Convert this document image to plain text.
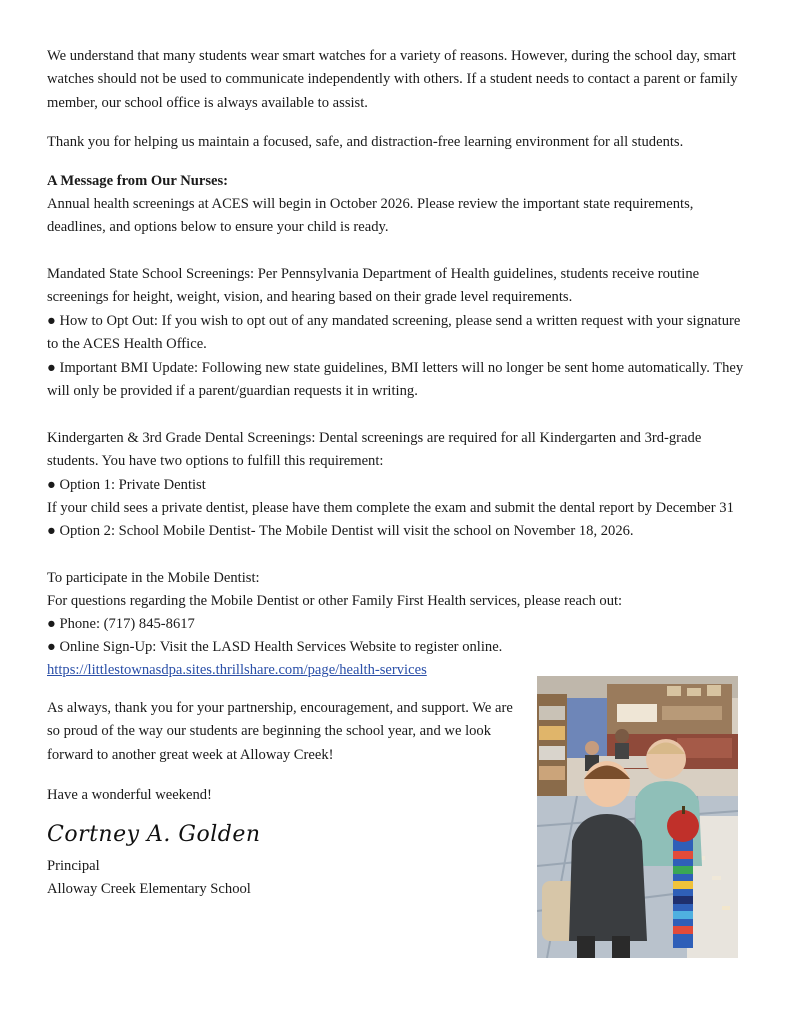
We understand that many students wear smart watches for a variety of reasons. However, during the school day, smart watches should not be used to communicate independently with others. If a student needs to contact a parent or family member, our school office is always available to assist.
Thank you for helping us maintain a focused, safe, and distraction-free learning environment for all students.
A Message from Our Nurses:
Annual health screenings at ACES will begin in October 2026. Please review the important state requirements, deadlines, and options below to ensure your child is ready.
Mandated State School Screenings: Per Pennsylvania Department of Health guidelines, students receive routine screenings for height, weight, vision, and hearing based on their grade level requirements.
● How to Opt Out: If you wish to opt out of any mandated screening, please send a written request with your signature to the ACES Health Office.
● Important BMI Update: Following new state guidelines, BMI letters will no longer be sent home automatically. They will only be provided if a parent/guardian requests it in writing.
Kindergarten & 3rd Grade Dental Screenings: Dental screenings are required for all Kindergarten and 3rd-grade students. You have two options to fulfill this requirement:
● Option 1: Private Dentist
If your child sees a private dentist, please have them complete the exam and submit the dental report by December 31
● Option 2: School Mobile Dentist- The Mobile Dentist will visit the school on November 18, 2026.
To participate in the Mobile Dentist:
For questions regarding the Mobile Dentist or other Family First Health services, please reach out:
● Phone: (717) 845-8617
● Online Sign-Up: Visit the LASD Health Services Website to register online.
https://littlestownasdpa.sites.thrillshare.com/page/health-services
As always, thank you for your partnership, encouragement, and support. We are so proud of the way our students are beginning the school year, and we look forward to another great week at Alloway Creek!
Have a wonderful weekend!
Cortney A. Golden
Principal
Alloway Creek Elementary School
